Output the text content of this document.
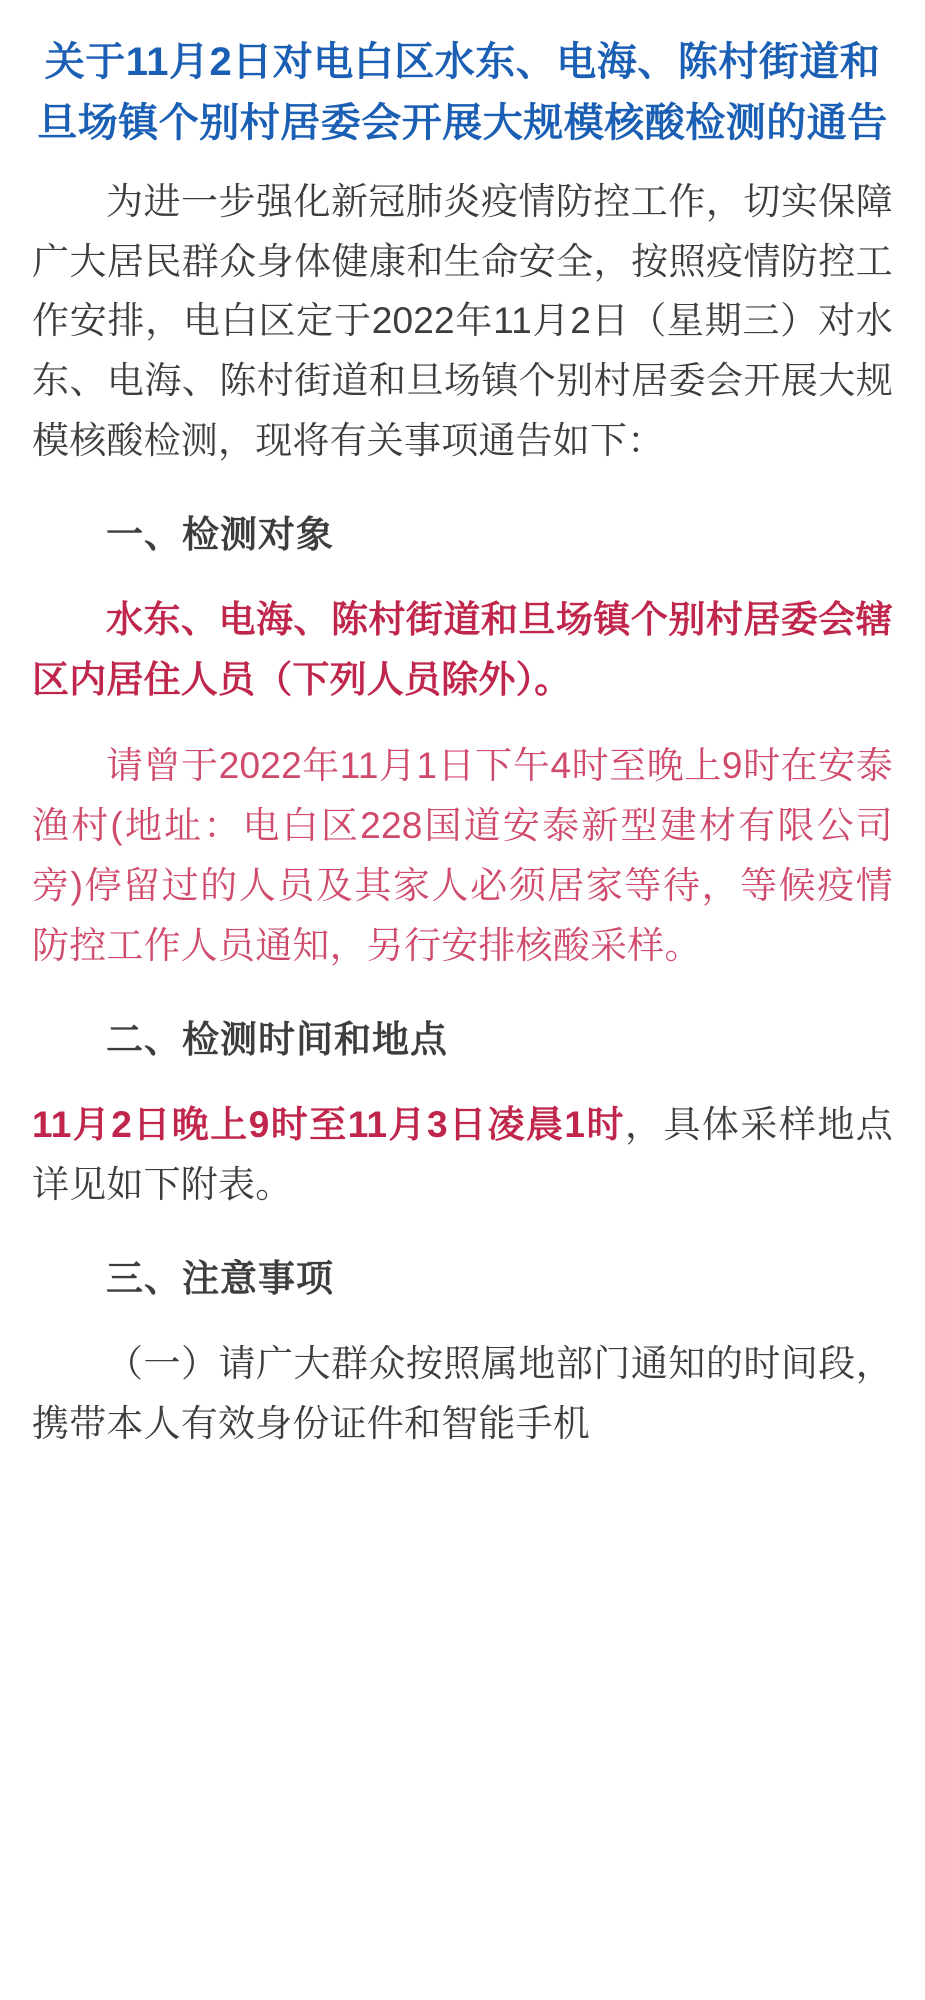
关于11月2日对电白区水东、电海、陈村街道和旦场镇个别村居委会开展大规模核酸检测的通告

为进一步强化新冠肺炎疫情防控工作，切实保障广大居民群众身体健康和生命安全，按照疫情防控工作安排，电白区定于2022年11月2日（星期三）对水东、电海、陈村街道和旦场镇个别村居委会开展大规模核酸检测，现将有关事项通告如下：

一、检测对象

水东、电海、陈村街道和旦场镇个别村居委会辖区内居住人员（下列人员除外）。

请曾于2022年11月1日下午4时至晚上9时在安泰渔村(地址：电白区228国道安泰新型建材有限公司旁)停留过的人员及其家人必须居家等待，等候疫情防控工作人员通知，另行安排核酸采样。

二、检测时间和地点

11月2日晚上9时至11月3日凌晨1时，具体采样地点详见如下附表。

三、注意事项

（一）请广大群众按照属地部门通知的时间段，携带本人有效身份证件和智能手机
